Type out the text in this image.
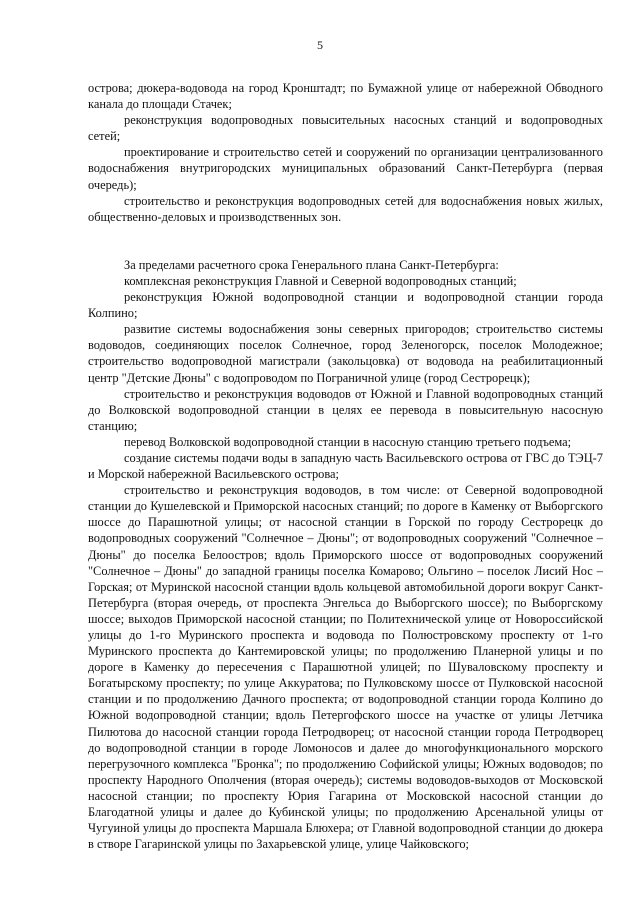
5

острова; дюкера-водовода на город Кронштадт; по Бумажной улице от набережной Обводного канала до площади Стачек;

реконструкция водопроводных повысительных насосных станций и водопроводных сетей;

проектирование и строительство сетей и сооружений по организации централизованного водоснабжения внутригородских муниципальных образований Санкт-Петербурга (первая очередь);

строительство и реконструкция водопроводных сетей для водоснабжения новых жилых, общественно-деловых и производственных зон.

За пределами расчетного срока Генерального плана Санкт-Петербурга:

комплексная реконструкция Главной и Северной водопроводных станций;

реконструкция Южной водопроводной станции и водопроводной станции города Колпино;

развитие системы водоснабжения зоны северных пригородов; строительство системы водоводов, соединяющих поселок Солнечное, город Зеленогорск, поселок Молодежное; строительство водопроводной магистрали (закольцовка) от водовода на реабилитационный центр "Детские Дюны" с водопроводом по Пограничной улице (город Сестрорецк);

строительство и реконструкция водоводов от Южной и Главной водопроводных станций до Волковской водопроводной станции в целях ее перевода в повысительную насосную станцию;

перевод Волковской водопроводной станции в насосную станцию третьего подъема;

создание системы подачи воды в западную часть Васильевского острова от ГВС до ТЭЦ-7 и Морской набережной Васильевского острова;

строительство и реконструкция водоводов, в том числе: от Северной водопроводной станции до Кушелевской и Приморской насосных станций; по дороге в Каменку от Выборгского шоссе до Парашютной улицы; от насосной станции в Горской по городу Сестрорецк до водопроводных сооружений "Солнечное – Дюны"; от водопроводных сооружений "Солнечное – Дюны" до поселка Белоостров; вдоль Приморского шоссе от водопроводных сооружений "Солнечное – Дюны" до западной границы поселка Комарово; Ольгино – поселок Лисий Нос – Горская; от Муринской насосной станции вдоль кольцевой автомобильной дороги вокруг Санкт-Петербурга (вторая очередь, от проспекта Энгельса до Выборгского шоссе); по Выборгскому шоссе; выходов Приморской насосной станции; по Политехнической улице от Новороссийской улицы до 1-го Муринского проспекта и водовода по Полюстровскому проспекту от 1-го Муринского проспекта до Кантемировской улицы; по продолжению Планерной улицы и по дороге в Каменку до пересечения с Парашютной улицей; по Шуваловскому проспекту и Богатырскому проспекту; по улице Аккуратова; по Пулковскому шоссе от Пулковской насосной станции и по продолжению Дачного проспекта; от водопроводной станции города Колпино до Южной водопроводной станции; вдоль Петергофского шоссе на участке от улицы Летчика Пилютова до насосной станции города Петродворец; от насосной станции города Петродворец до водопроводной станции в городе Ломоносов и далее до многофункционального морского перегрузочного комплекса "Бронка"; по продолжению Софийской улицы; Южных водоводов; по проспекту Народного Ополчения (вторая очередь); системы водоводов-выходов от Московской насосной станции; по проспекту Юрия Гагарина от Московской насосной станции до Благодатной улицы и далее до Кубинской улицы; по продолжению Арсенальной улицы от Чугуиной улицы до проспекта Маршала Блюхера; от Главной водопроводной станции до дюкера в створе Гагаринской улицы по Захарьевской улице, улице Чайковского;
